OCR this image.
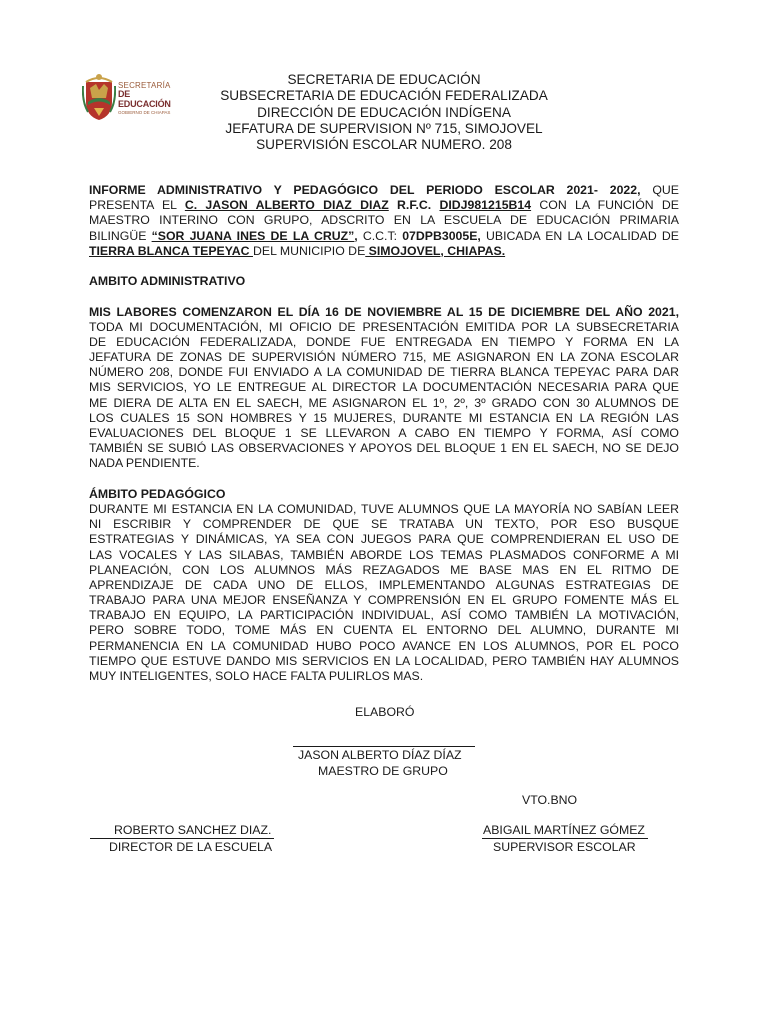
SECRETARÍA
DE EDUCACIÓN
GOBIERNO DE CHIAPAS
SECRETARIA DE EDUCACIÓN
SUBSECRETARIA DE EDUCACIÓN FEDERALIZADA
DIRECCIÓN DE EDUCACIÓN INDÍGENA
JEFATURA DE SUPERVISION Nº 715, SIMOJOVEL
SUPERVISIÓN ESCOLAR NUMERO. 208
INFORME ADMINISTRATIVO Y PEDAGÓGICO DEL PERIODO ESCOLAR 2021- 2022, QUE
PRESENTA EL C. JASON ALBERTO DIAZ DIAZ R.F.C. DIDJ981215B14 CON LA FUNCIÓN DE
MAESTRO INTERINO CON GRUPO, ADSCRITO EN LA ESCUELA DE EDUCACIÓN PRIMARIA
BILINGÜE “SOR JUANA INES DE LA CRUZ”, C.C.T: 07DPB3005E, UBICADA EN LA LOCALIDAD DE
TIERRA BLANCA TEPEYAC DEL MUNICIPIO DE SIMOJOVEL, CHIAPAS.
AMBITO ADMINISTRATIVO
MIS LABORES COMENZARON EL DÍA 16 DE NOVIEMBRE AL 15 DE DICIEMBRE DEL AÑO 2021,
TODA MI DOCUMENTACIÓN, MI OFICIO DE PRESENTACIÓN EMITIDA POR LA SUBSECRETARIA
DE EDUCACIÓN FEDERALIZADA, DONDE FUE ENTREGADA EN TIEMPO Y FORMA EN LA
JEFATURA DE ZONAS DE SUPERVISIÓN NÚMERO 715, ME ASIGNARON EN LA ZONA ESCOLAR
NÚMERO 208, DONDE FUI ENVIADO A LA COMUNIDAD DE TIERRA BLANCA TEPEYAC PARA DAR
MIS SERVICIOS, YO LE ENTREGUE AL DIRECTOR LA DOCUMENTACIÓN NECESARIA PARA QUE
ME DIERA DE ALTA EN EL SAECH, ME ASIGNARON EL 1º, 2º, 3º GRADO CON 30 ALUMNOS DE
LOS CUALES 15 SON HOMBRES Y 15 MUJERES, DURANTE MI ESTANCIA EN LA REGIÓN LAS
EVALUACIONES DEL BLOQUE 1 SE LLEVARON A CABO EN TIEMPO Y FORMA, ASÍ COMO
TAMBIÉN SE SUBIÓ LAS OBSERVACIONES Y APOYOS DEL BLOQUE 1 EN EL SAECH, NO SE DEJO
NADA PENDIENTE.
ÁMBITO PEDAGÓGICO
DURANTE MI ESTANCIA EN LA COMUNIDAD, TUVE ALUMNOS QUE LA MAYORÍA NO SABÍAN LEER
NI ESCRIBIR Y COMPRENDER DE QUE SE TRATABA UN TEXTO, POR ESO BUSQUE
ESTRATEGIAS Y DINÁMICAS, YA SEA CON JUEGOS PARA QUE COMPRENDIERAN EL USO DE
LAS VOCALES Y LAS SILABAS, TAMBIÉN ABORDE LOS TEMAS PLASMADOS CONFORME A MI
PLANEACIÓN, CON LOS ALUMNOS MÁS REZAGADOS ME BASE MAS EN EL RITMO DE
APRENDIZAJE DE CADA UNO DE ELLOS, IMPLEMENTANDO ALGUNAS ESTRATEGIAS DE
TRABAJO PARA UNA MEJOR ENSEÑANZA Y COMPRENSIÓN EN EL GRUPO FOMENTE MÁS EL
TRABAJO EN EQUIPO, LA PARTICIPACIÓN INDIVIDUAL, ASÍ COMO TAMBIÉN LA MOTIVACIÓN,
PERO SOBRE TODO, TOME MÁS EN CUENTA EL ENTORNO DEL ALUMNO, DURANTE MI
PERMANENCIA EN LA COMUNIDAD HUBO POCO AVANCE EN LOS ALUMNOS, POR EL POCO
TIEMPO QUE ESTUVE DANDO MIS SERVICIOS EN LA LOCALIDAD, PERO TAMBIÉN HAY ALUMNOS
MUY INTELIGENTES, SOLO HACE FALTA PULIRLOS MAS.
ELABORÓ
JASON ALBERTO DÍAZ DÍAZ
MAESTRO DE GRUPO
VTO.BNO
ROBERTO SANCHEZ DIAZ.
DIRECTOR DE LA ESCUELA
ABIGAIL MARTÍNEZ GÓMEZ
SUPERVISOR ESCOLAR
